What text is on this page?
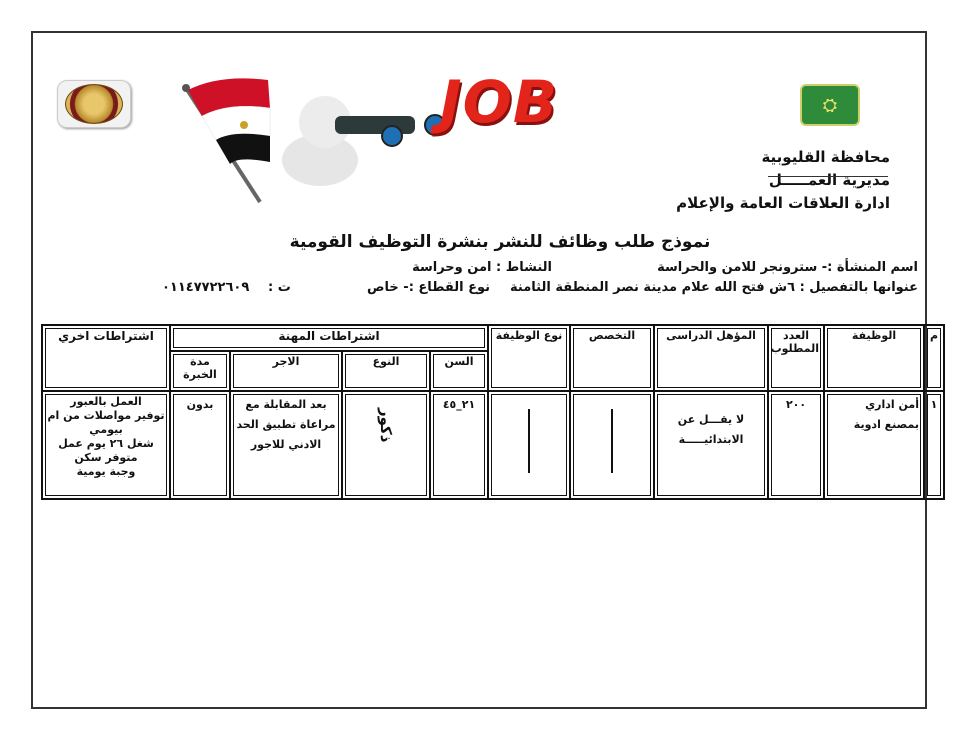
⛭
JOB
محافظة القليوبية
مديرية العمـــــل
ادارة العلاقات العامة والإعلام
نموذج طلب وظائف للنشر بنشرة التوظيف القومية
اسم المنشأة :- سترونجر للامن والحراسة
النشاط : امن وحراسة
عنوانها بالتفصيل : ٦ش فتح الله علام مدينة نصر المنطقة الثامنة
نوع القطاع :- خاص
ت :
٠١١٤٧٧٢٢٦٠٩
م	الوظيفة	العدد المطلوب	المؤهل الدراسى	التخصص	نوع الوظيفة	اشتراطات المهنة				اشتراطات اخري
						السن	النوع	الاجر	مدة الخبرة	
١	أمن اداري بمصنع ادوية	٢٠٠	لا يقـــل عن الابتدائيـــــة			٢١_٤٥	ذكور	بعد المقابلة مع مراعاة تطبيق الحد الادني للاجور	بدون	العمل بالعبور
توفير مواصلات من ام بيومي
شغل ٢٦ يوم عمل
متوفر سكن
وجبة يومية
